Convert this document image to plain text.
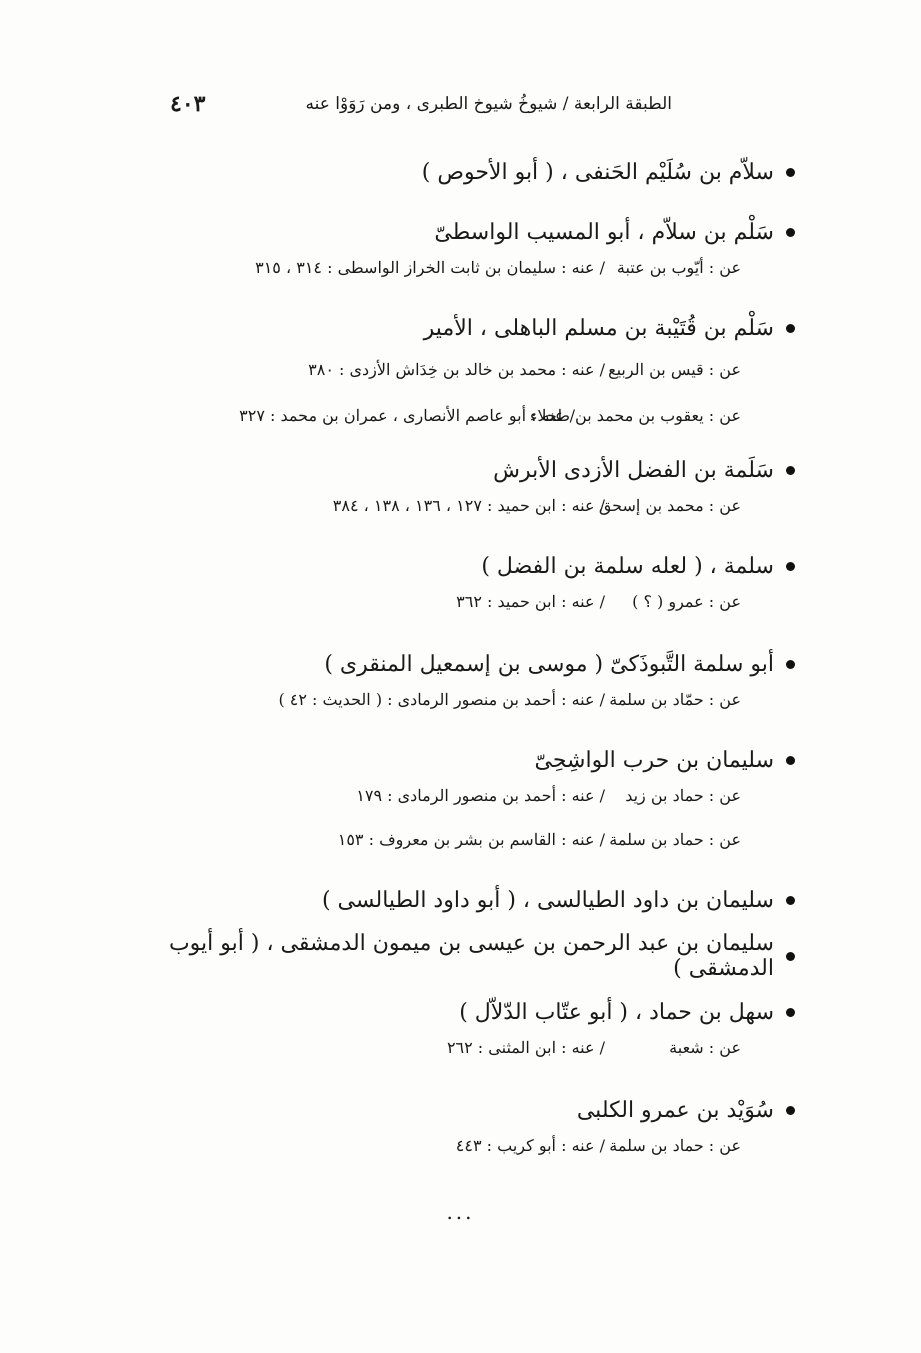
الطبقة الرابعة / شيوخُ شيوخ الطبرى ، ومن رَوَوْا عنه
٤٠٣
سلاّم بن سُلَيْم الحَنفى ، ( أبو الأحوص )
سَلْم بن سلاّم ، أبو المسيب الواسطىّ
عن : أيّوب بن عتبة
/ عنه : سليمان بن ثابت الخراز الواسطى : ٣١٤ ، ٣١٥
سَلْم بن قُتَيْبة بن مسلم الباهلى ، الأمير
عن : قيس بن الربيع
/ عنه : محمد بن خالد بن خِدَاش الأزدى : ٣٨٠
عن : يعقوب بن محمد بن طحلاء
/ عنه : أبو عاصم الأنصارى ، عمران بن محمد : ٣٢٧
سَلَمة بن الفضل الأزدى الأبرش
عن : محمد بن إسحق
/ عنه : ابن حميد : ١٢٧ ، ١٣٦ ، ١٣٨ ، ٣٨٤
سلمة ، ( لعله سلمة بن الفضل )
عن : عمرو ( ؟ )
/ عنه : ابن حميد : ٣٦٢
أبو سلمة التَّبوذَكىّ ( موسى بن إسمعيل المنقرى )
عن : حمّاد بن سلمة
/ عنه : أحمد بن منصور الرمادى : ( الحديث : ٤٢ )
سليمان بن حرب الواشِحِىّ
عن : حماد بن زيد
/ عنه : أحمد بن منصور الرمادى : ١٧٩
عن : حماد بن سلمة
/ عنه : القاسم بن بشر بن معروف : ١٥٣
سليمان بن داود الطيالسى ، ( أبو داود الطيالسى )
سليمان بن عبد الرحمن بن عيسى بن ميمون الدمشقى ، ( أبو أيوب الدمشقى )
سهل بن حماد ، ( أبو عتّاب الدّلاّل )
عن : شعبة
/ عنه : ابن المثنى : ٢٦٢
سُوَيْد بن عمرو الكلبى
عن : حماد بن سلمة
/ عنه : أبو كريب : ٤٤٣
...
